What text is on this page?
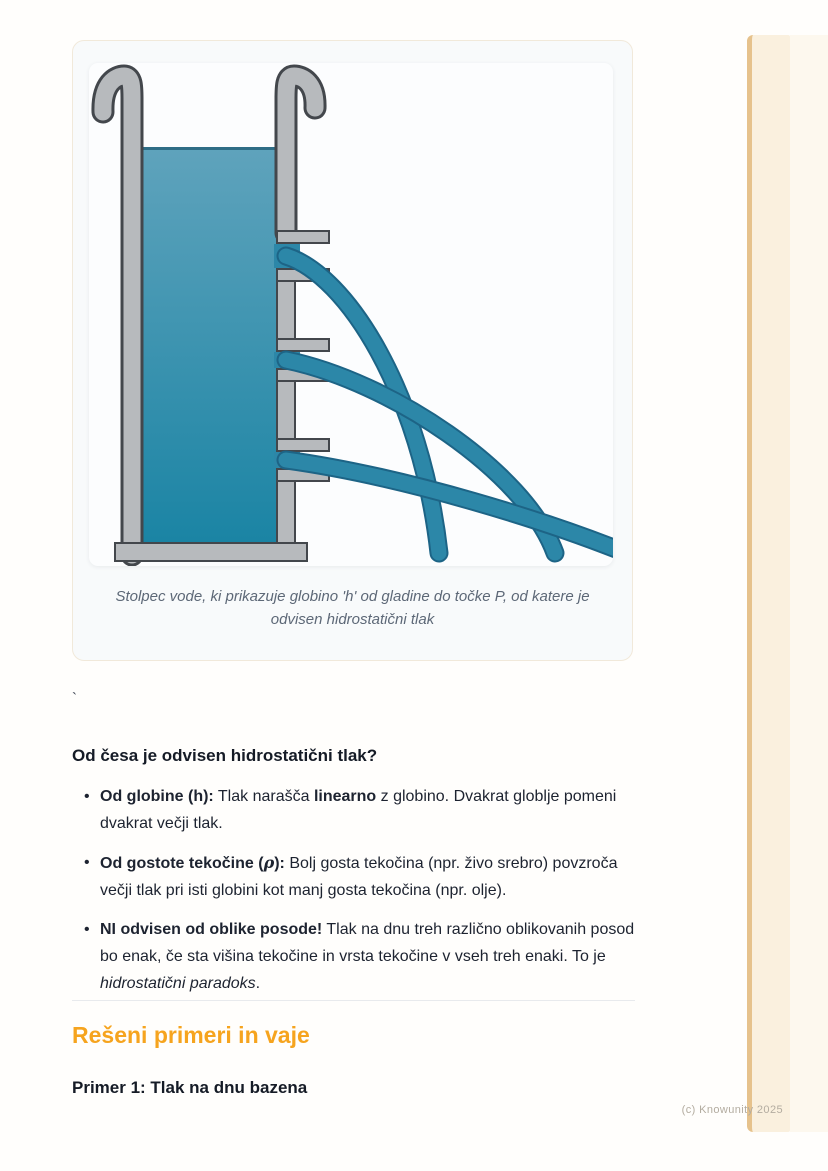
Stolpec vode, ki prikazuje globino 'h' od gladine do točke P, od katere je odvisen hidrostatični tlak
`
Od česa je odvisen hidrostatični tlak?
• Od globine (h): Tlak narašča linearno z globino. Dvakrat globlje pomeni dvakrat večji tlak.
• Od gostote tekočine (ρ): Bolj gosta tekočina (npr. živo srebro) povzroča večji tlak pri isti globini kot manj gosta tekočina (npr. olje).
• NI odvisen od oblike posode! Tlak na dnu treh različno oblikovanih posod bo enak, če sta višina tekočine in vrsta tekočine v vseh treh enaki. To je hidrostatični paradoks.
Rešeni primeri in vaje
Primer 1: Tlak na dnu bazena
(c) Knowunity 2025
